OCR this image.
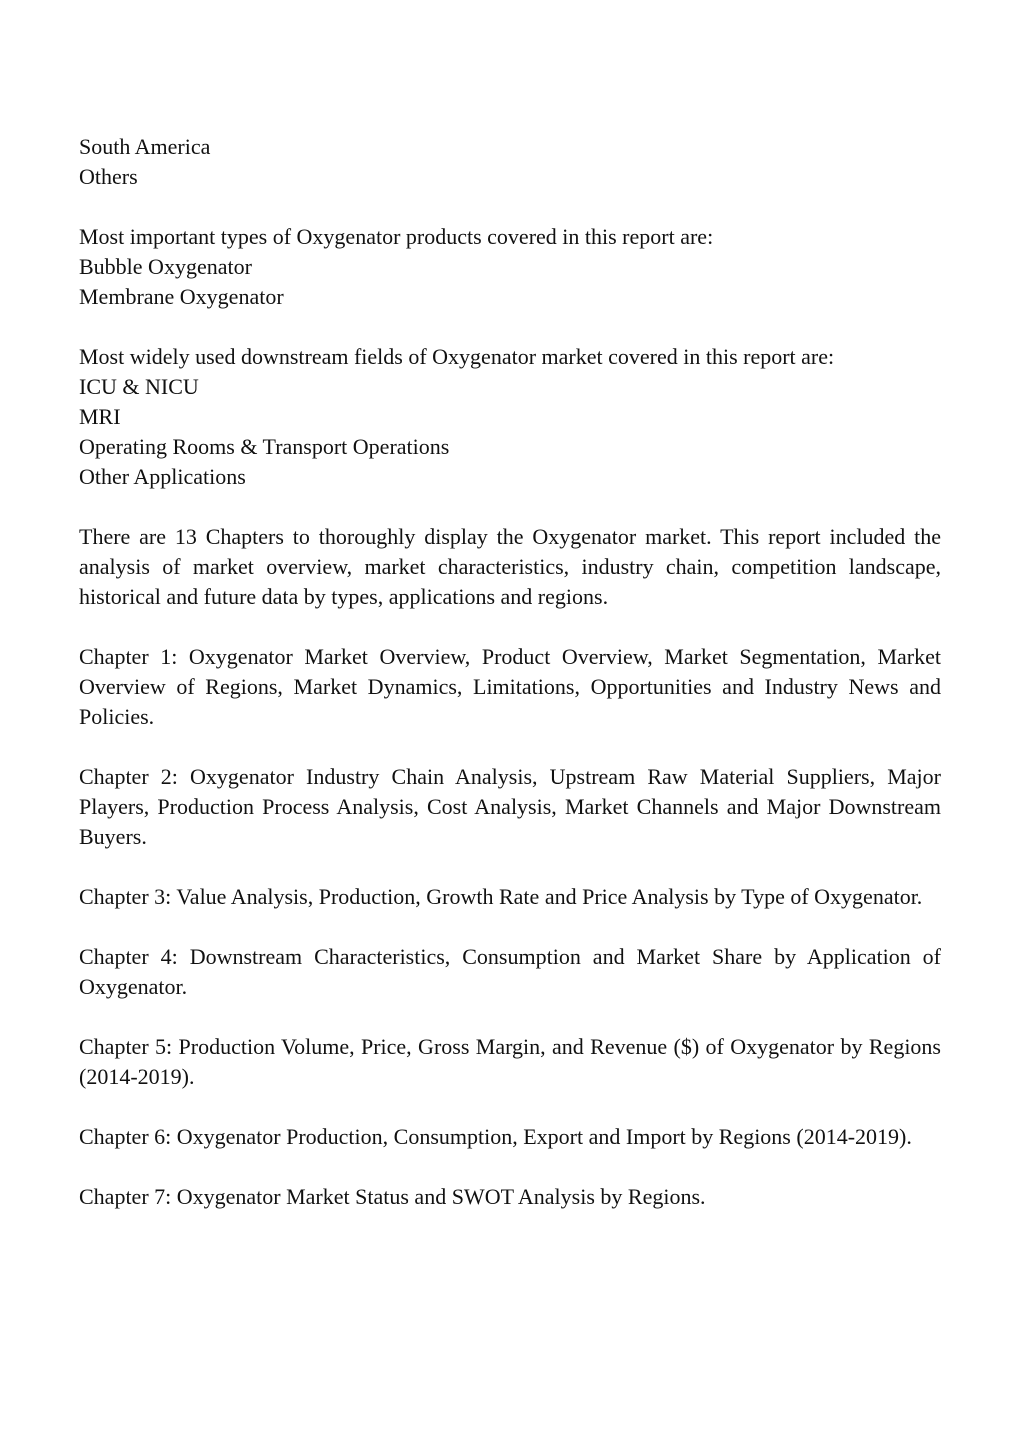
South America
Others
Most important types of Oxygenator products covered in this report are:
Bubble Oxygenator
Membrane Oxygenator
Most widely used downstream fields of Oxygenator market covered in this report are:
ICU & NICU
MRI
Operating Rooms & Transport Operations
Other Applications

There are 13 Chapters to thoroughly display the Oxygenator market. This report included the analysis of market overview, market characteristics, industry chain, competition landscape, historical and future data by types, applications and regions.

Chapter 1: Oxygenator Market Overview, Product Overview, Market Segmentation, Market Overview of Regions, Market Dynamics, Limitations, Opportunities and Industry News and Policies.

Chapter 2: Oxygenator Industry Chain Analysis, Upstream Raw Material Suppliers, Major Players, Production Process Analysis, Cost Analysis, Market Channels and Major Downstream Buyers.

Chapter 3: Value Analysis, Production, Growth Rate and Price Analysis by Type of Oxygenator.

Chapter 4: Downstream Characteristics, Consumption and Market Share by Application of Oxygenator.

Chapter 5: Production Volume, Price, Gross Margin, and Revenue ($) of Oxygenator by Regions (2014-2019).

Chapter 6: Oxygenator Production, Consumption, Export and Import by Regions (2014-2019).

Chapter 7: Oxygenator Market Status and SWOT Analysis by Regions.
